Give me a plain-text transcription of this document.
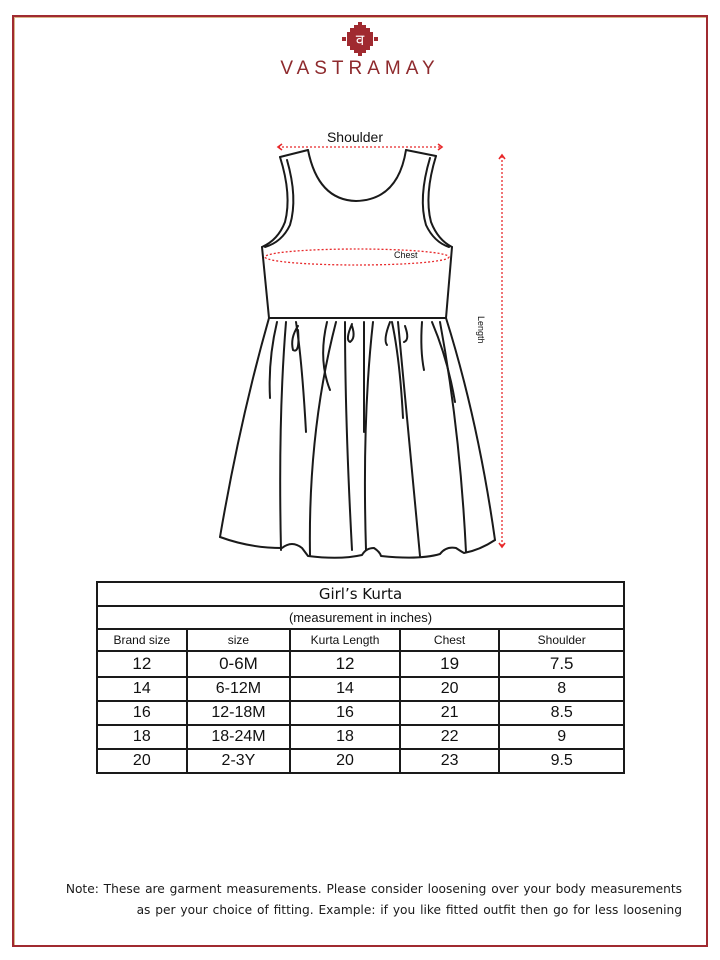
व
VASTRAMAY
Shoulder
Chest
Length
Girl’s Kurta				
(measurement in inches)				
Brand size	size	Kurta Length	Chest	Shoulder
12	0-6M	12	19	7.5
14	6-12M	14	20	8
16	12-18M	16	21	8.5
18	18-24M	18	22	9
20	2-3Y	20	23	9.5
Note: These are garment measurements. Please consider loosening over your body measurements
as per your choice of fitting. Example: if you like fitted outfit then go for less loosening
